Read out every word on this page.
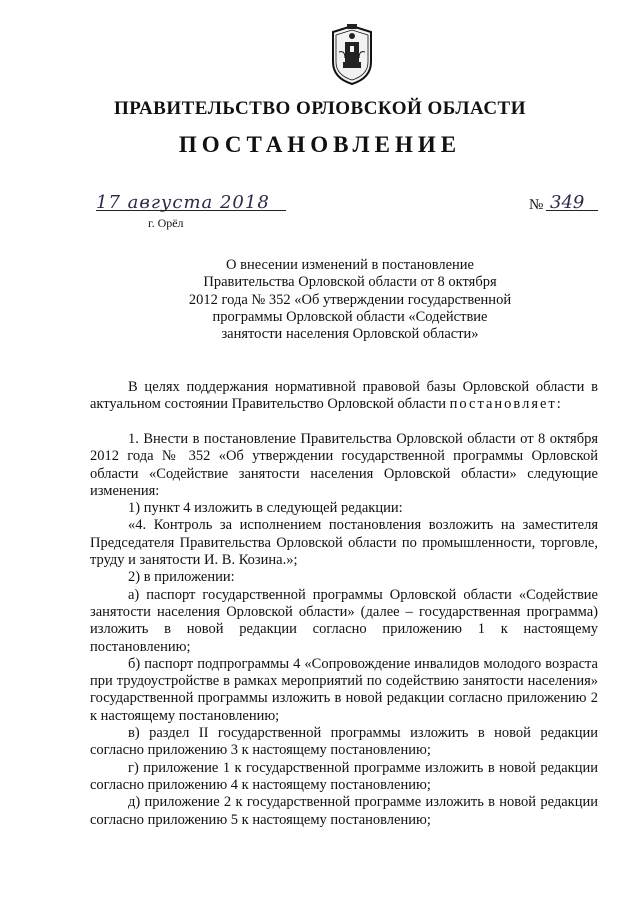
ПРАВИТЕЛЬСТВО ОРЛОВСКОЙ ОБЛАСТИ
ПОСТАНОВЛЕНИЕ
17 августа 2018
г. Орёл
№ 349
О внесении изменений в постановление
Правительства Орловской области от 8 октября
2012 года № 352 «Об утверждении государственной
программы Орловской области «Содействие
занятости населения Орловской области»

В целях поддержания нормативной правовой базы Орловской области в актуальном состоянии Правительство Орловской области постановляет:

1. Внести в постановление Правительства Орловской области от 8 октября 2012 года № 352 «Об утверждении государственной программы Орловской области «Содействие занятости населения Орловской области» следующие изменения:

1) пункт 4 изложить в следующей редакции:

«4. Контроль за исполнением постановления возложить на заместителя Председателя Правительства Орловской области по промышленности, торговле, труду и занятости И. В. Козина.»;

2) в приложении:

а) паспорт государственной программы Орловской области «Содействие занятости населения Орловской области» (далее – государственная программа) изложить в новой редакции согласно приложению 1 к настоящему постановлению;

б) паспорт подпрограммы 4 «Сопровождение инвалидов молодого возраста при трудоустройстве в рамках мероприятий по содействию занятости населения» государственной программы изложить в новой редакции согласно приложению 2 к настоящему постановлению;

в) раздел II государственной программы изложить в новой редакции согласно приложению 3 к настоящему постановлению;

г) приложение 1 к государственной программе изложить в новой редакции согласно приложению 4 к настоящему постановлению;

д) приложение 2 к государственной программе изложить в новой редакции согласно приложению 5 к настоящему постановлению;
